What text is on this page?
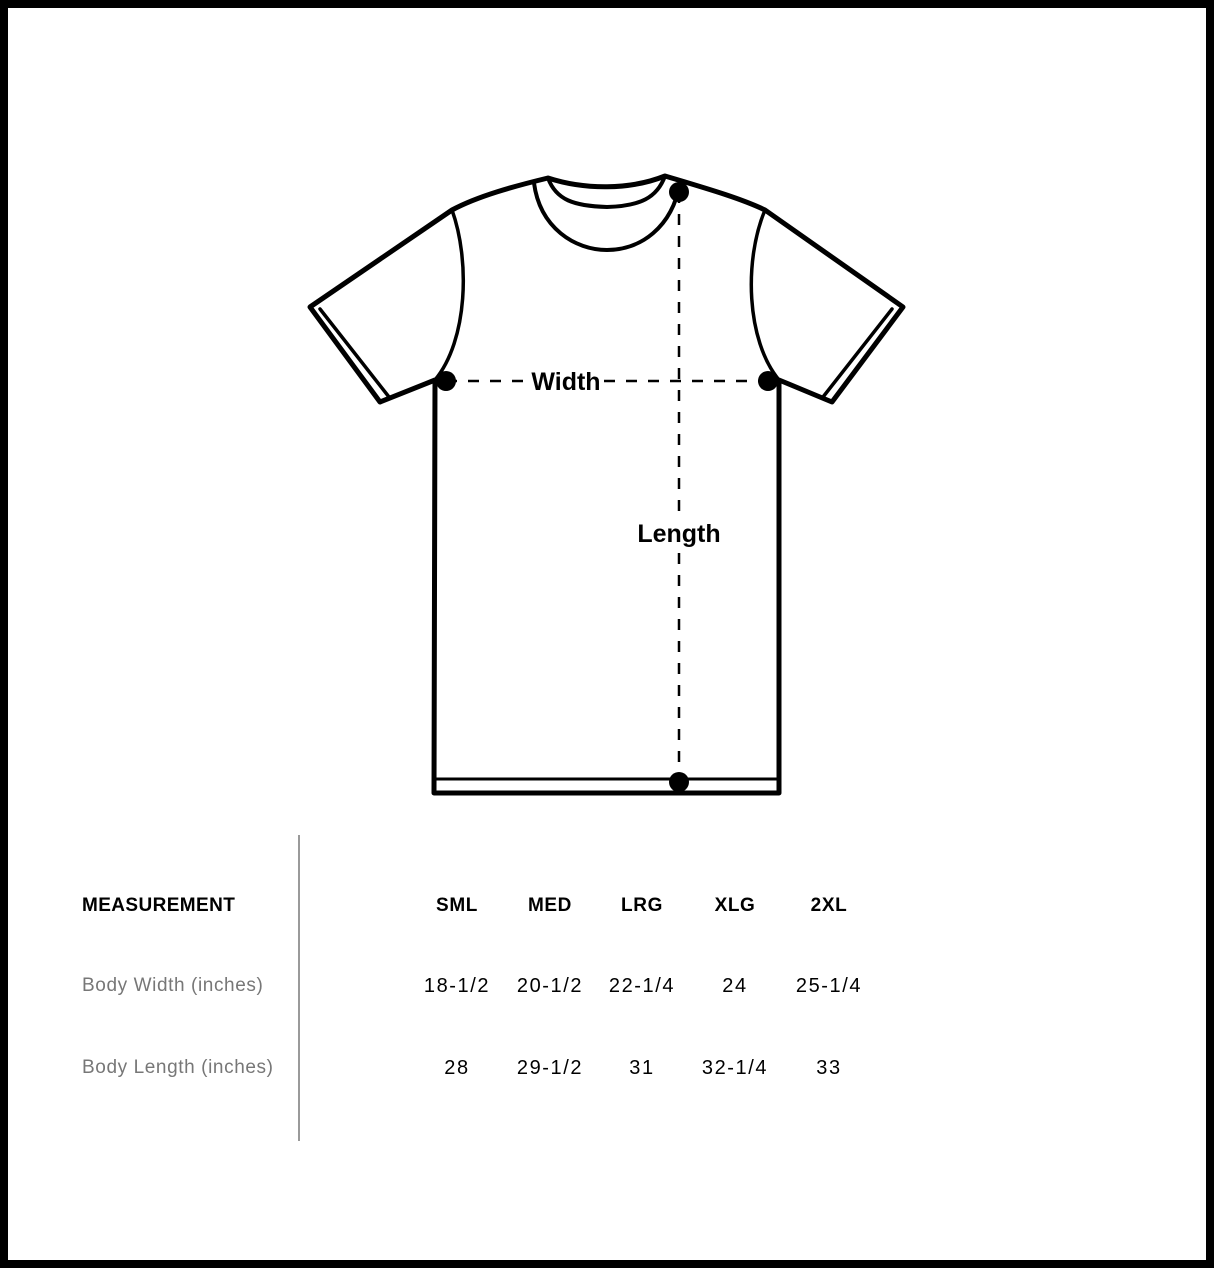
Width
Length
MEASUREMENT	SML	MED	LRG	XLG	2XL
Body Width (inches)	18-1/2	20-1/2	22-1/4	24	25-1/4
Body Length (inches)	28	29-1/2	31	32-1/4	33
